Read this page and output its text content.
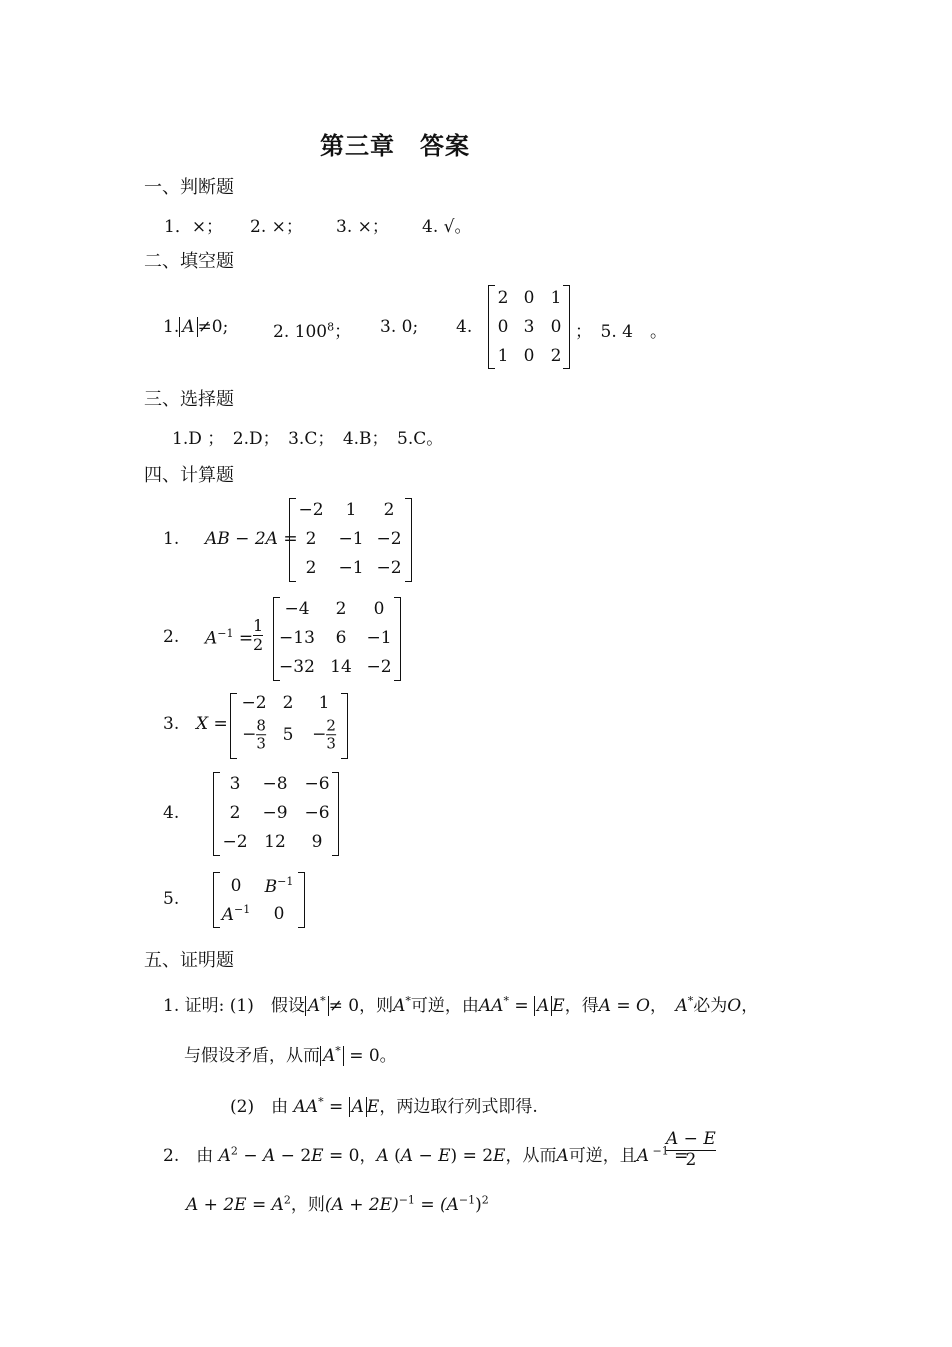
第三章　答案
一、判断题
1．×； 2. ×； 3. ×； 4. √。
二、填空题
1. A ≠0;	2. $100^8$； 3. 0; 4.
2 0 1
0 3 0
1 0 2
；　5. 4　。
三、选择题
1.D ；　2.D；　3.C；　4.B；　5.C。
四、计算题
1. AB − 2A =
−2 1 2
2 −1 −2
2 −1 −2
2. $A^{-1} = \frac{1}{2}$
−4 2 0
−13 6 −1
−32 14 −2
3. X =
−2 2 1
− $\frac{8}{3} 5 - \frac{2}{3}$
4.
3 −8 −6
2 −9 −6
−2 12 9
5.
0 $B^{-1}$
$A^{-1}$ 0
五、证明题
1. 证明: (1)　假设 A* ≠ 0，则A*可逆，由AA* = A E，得A = O，　 A*必为O，
与假设矛盾，从而 A* = 0。
(2)　由 AA* = A E，两边取行列式即得.
2.　由 $A^2 - A - 2E = 0$，A (A − E) = 2E，从而A可逆，且A $^{-1}$ =
$\frac{A - E}{2}$
$A + 2E = A^2$，则$(A + 2E)^{-1} = (A^{-1})^2$
